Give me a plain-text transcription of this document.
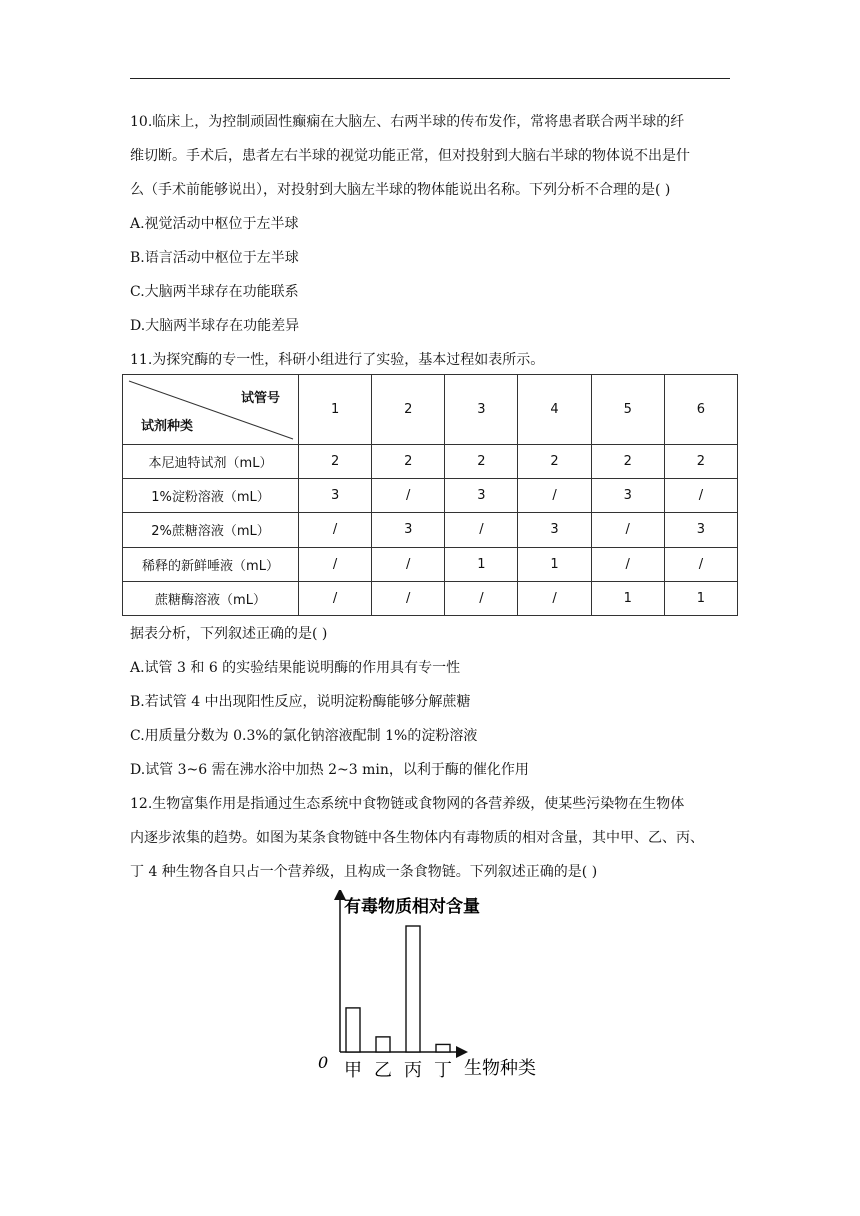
10.临床上，为控制顽固性癫痫在大脑左、右两半球的传布发作，常将患者联合两半球的纤
维切断。手术后，患者左右半球的视觉功能正常，但对投射到大脑右半球的物体说不出是什
么（手术前能够说出），对投射到大脑左半球的物体能说出名称。下列分析不合理的是( )
A.视觉活动中枢位于左半球
B.语言活动中枢位于左半球
C.大脑两半球存在功能联系
D.大脑两半球存在功能差异
11.为探究酶的专一性，科研小组进行了实验，基本过程如表所示。
试管号
试剂种类	1	2	3	4	5	6
本尼迪特试剂（mL）	2	2	2	2	2	2
1%淀粉溶液（mL）	3	/	3	/	3	/
2%蔗糖溶液（mL）	/	3	/	3	/	3
稀释的新鲜唾液（mL）	/	/	1	1	/	/
蔗糖酶溶液（mL）	/	/	/	/	1	1
据表分析，下列叙述正确的是( )
A.试管 3 和 6 的实验结果能说明酶的作用具有专一性
B.若试管 4 中出现阳性反应，说明淀粉酶能够分解蔗糖
C.用质量分数为 0.3%的氯化钠溶液配制 1%的淀粉溶液
D.试管 3~6 需在沸水浴中加热 2~3 min，以利于酶的催化作用
12.生物富集作用是指通过生态系统中食物链或食物网的各营养级，使某些污染物在生物体
内逐步浓集的趋势。如图为某条食物链中各生物体内有毒物质的相对含量，其中甲、乙、丙、
丁 4 种生物各自只占一个营养级，且构成一条食物链。下列叙述正确的是( )
有毒物质相对含量
0	生物种类
甲 乙 丙 丁
